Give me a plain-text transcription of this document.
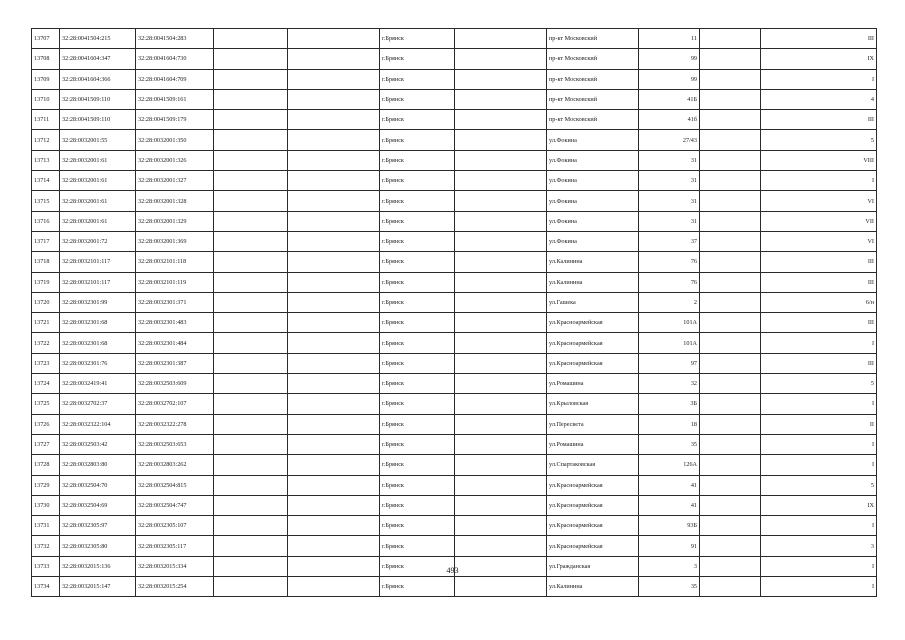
13707	32:28:0041504:215	32:28:0041504:283			г.Брянск		пр-кт Московский	11		III
13708	32:28:0041604:347	32:28:0041604:730			г.Брянск		пр-кт Московский	99		IX
13709	32:28:0041604:366	32:28:0041604:709			г.Брянск		пр-кт Московский	99		I
13710	32:28:0041509:110	32:28:0041509:161			г.Брянск		пр-кт Московский	41Б		4
13711	32:28:0041509:110	32:28:0041509:179			г.Брянск		пр-кт Московский	41б		III
13712	32:28:0032001:55	32:28:0032001:350			г.Брянск		ул.Фокина	27/43		5
13713	32:28:0032001:61	32:28:0032001:326			г.Брянск		ул.Фокина	31		VIII
13714	32:28:0032001:61	32:28:0032001:327			г.Брянск		ул.Фокина	31		I
13715	32:28:0032001:61	32:28:0032001:328			г.Брянск		ул.Фокина	31		VI
13716	32:28:0032001:61	32:28:0032001:329			г.Брянск		ул.Фокина	31		VII
13717	32:28:0032001:72	32:28:0032001:369			г.Брянск		ул.Фокина	37		VI
13718	32:28:0032101:117	32:28:0032101:118			г.Брянск		ул.Калинина	76		III
13719	32:28:0032101:117	32:28:0032101:119			г.Брянск		ул.Калинина	76		III
13720	32:28:0032301:99	32:28:0032301:371			г.Брянск		ул.Гашека	2		6/н
13721	32:28:0032301:68	32:28:0032301:483			г.Брянск		ул.Красноармейская	101А		III
13722	32:28:0032301:68	32:28:0032301:484			г.Брянск		ул.Красноармейская	101А		I
13723	32:28:0032301:76	32:28:0032301:387			г.Брянск		ул.Красноармейская	97		III
13724	32:28:0032419:41	32:28:0032503:609			г.Брянск		ул.Ромашина	32		5
13725	32:28:0032702:37	32:28:0032702:107			г.Брянск		ул.Крыловская	3Б		I
13726	32:28:0032322:104	32:28:0032322:278			г.Брянск		ул.Пересвета	18		II
13727	32:28:0032503:42	32:28:0032503:653			г.Брянск		ул.Ромашина	35		I
13728	32:28:0032803:80	32:28:0032803:262			г.Брянск		ул.Спартаковская	126А		I
13729	32:28:0032504:70	32:28:0032504:815			г.Брянск		ул.Красноармейская	41		5
13730	32:28:0032504:69	32:28:0032504:747			г.Брянск		ул.Красноармейская	41		IX
13731	32:28:0032305:97	32:28:0032305:107			г.Брянск		ул.Красноармейская	93Б		I
13732	32:28:0032305:80	32:28:0032305:117			г.Брянск		ул.Красноармейская	91		3
13733	32:28:0032015:136	32:28:0032015:334			г.Брянск		ул.Гражданская	3		I
13734	32:28:0032015:147	32:28:0032015:254			г.Брянск		ул.Калинина	35		I
493
